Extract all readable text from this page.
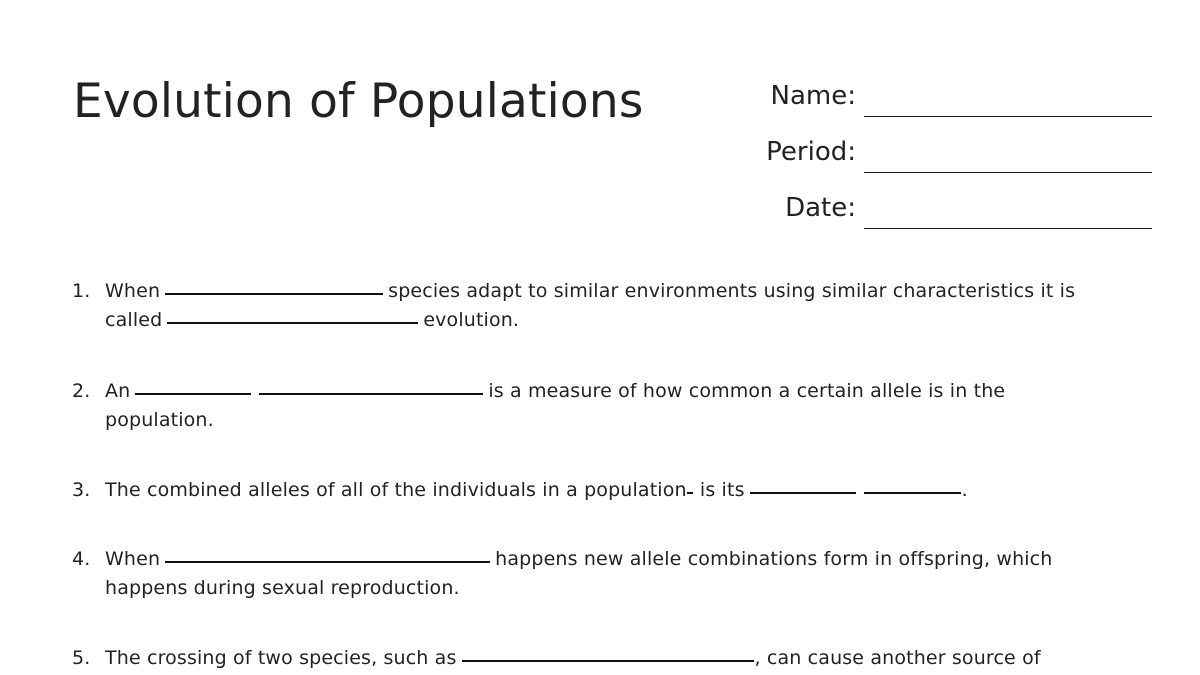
Evolution of Populations	Name:
Period:
Date:
1. When	species adapt to similar environments using similar characteristics it is
called	evolution.
2. An	is a measure of how common a certain allele is in the
population.
3. The combined alleles of all of the individuals in a population is its	.
4. When	happens new allele combinations form in offspring, which
happens during sexual reproduction.
5. The crossing of two species, such as	, can cause another source of
